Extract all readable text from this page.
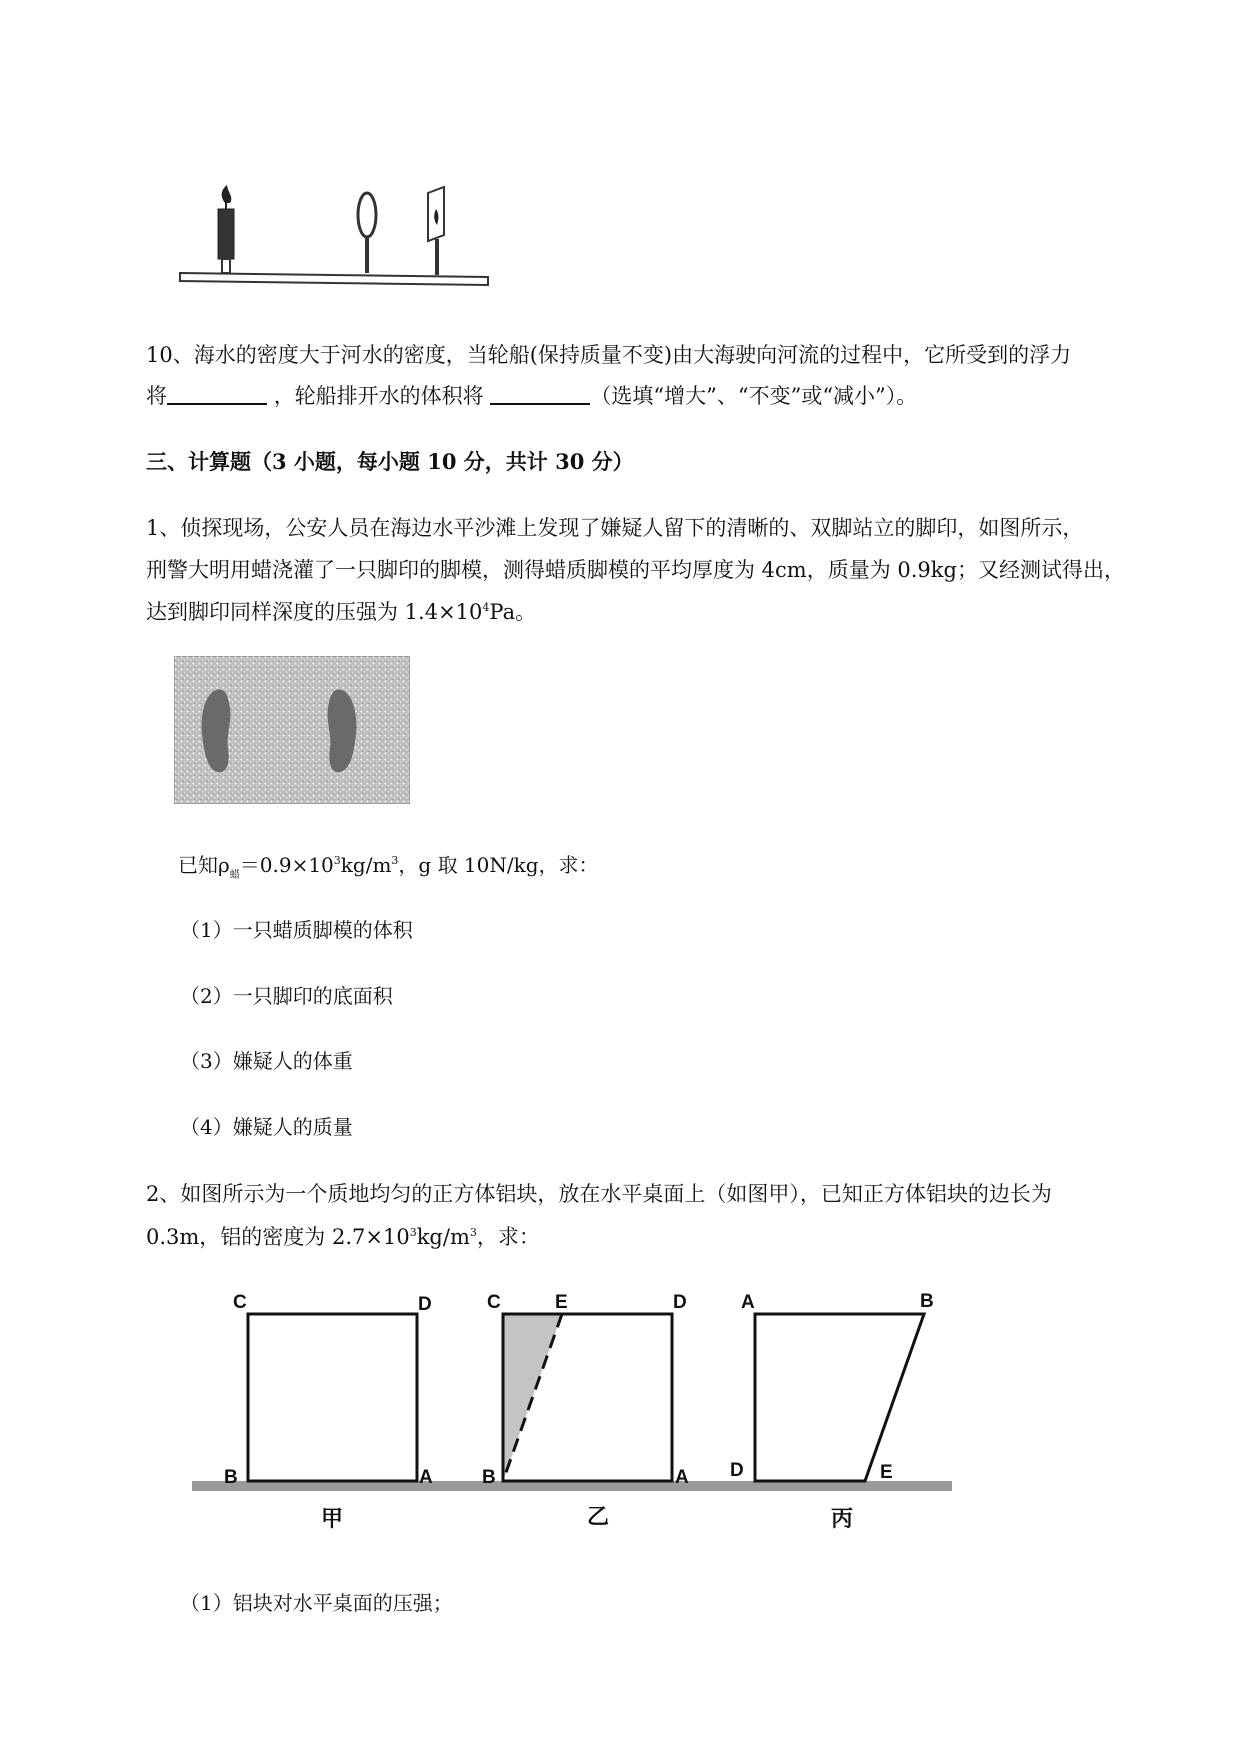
10、海水的密度大于河水的密度，当轮船(保持质量不变)由大海驶向河流的过程中，它所受到的浮力
将	，轮船排开水的体积将	（选填“增大”、“不变”或“减小”）。
三、计算题（3 小题，每小题 10 分，共计 30 分）
1、侦探现场，公安人员在海边水平沙滩上发现了嫌疑人留下的清晰的、双脚站立的脚印，如图所示，
刑警大明用蜡浇灌了一只脚印的脚模，测得蜡质脚模的平均厚度为 4cm，质量为 0.9kg；又经测试得出，
达到脚印同样深度的压强为 $1.4\times 10^4Pa$。
已知$\rho_蜡=0.9\times 10^3kg/m^3$，g 取 10N/kg，求：
（1）一只蜡质脚模的体积
（2）一只脚印的底面积
（3）嫌疑人的体重
（4）嫌疑人的质量
2、如图所示为一个质地均匀的正方体铝块，放在水平桌面上（如图甲），已知正方体铝块的边长为
0.3m，铝的密度为 $2.7\times 10^3kg/m^3$，求：
C	D
B	A
甲
C	E	D
B	A
乙
A	B
D	E
丙
（1）铝块对水平桌面的压强；
